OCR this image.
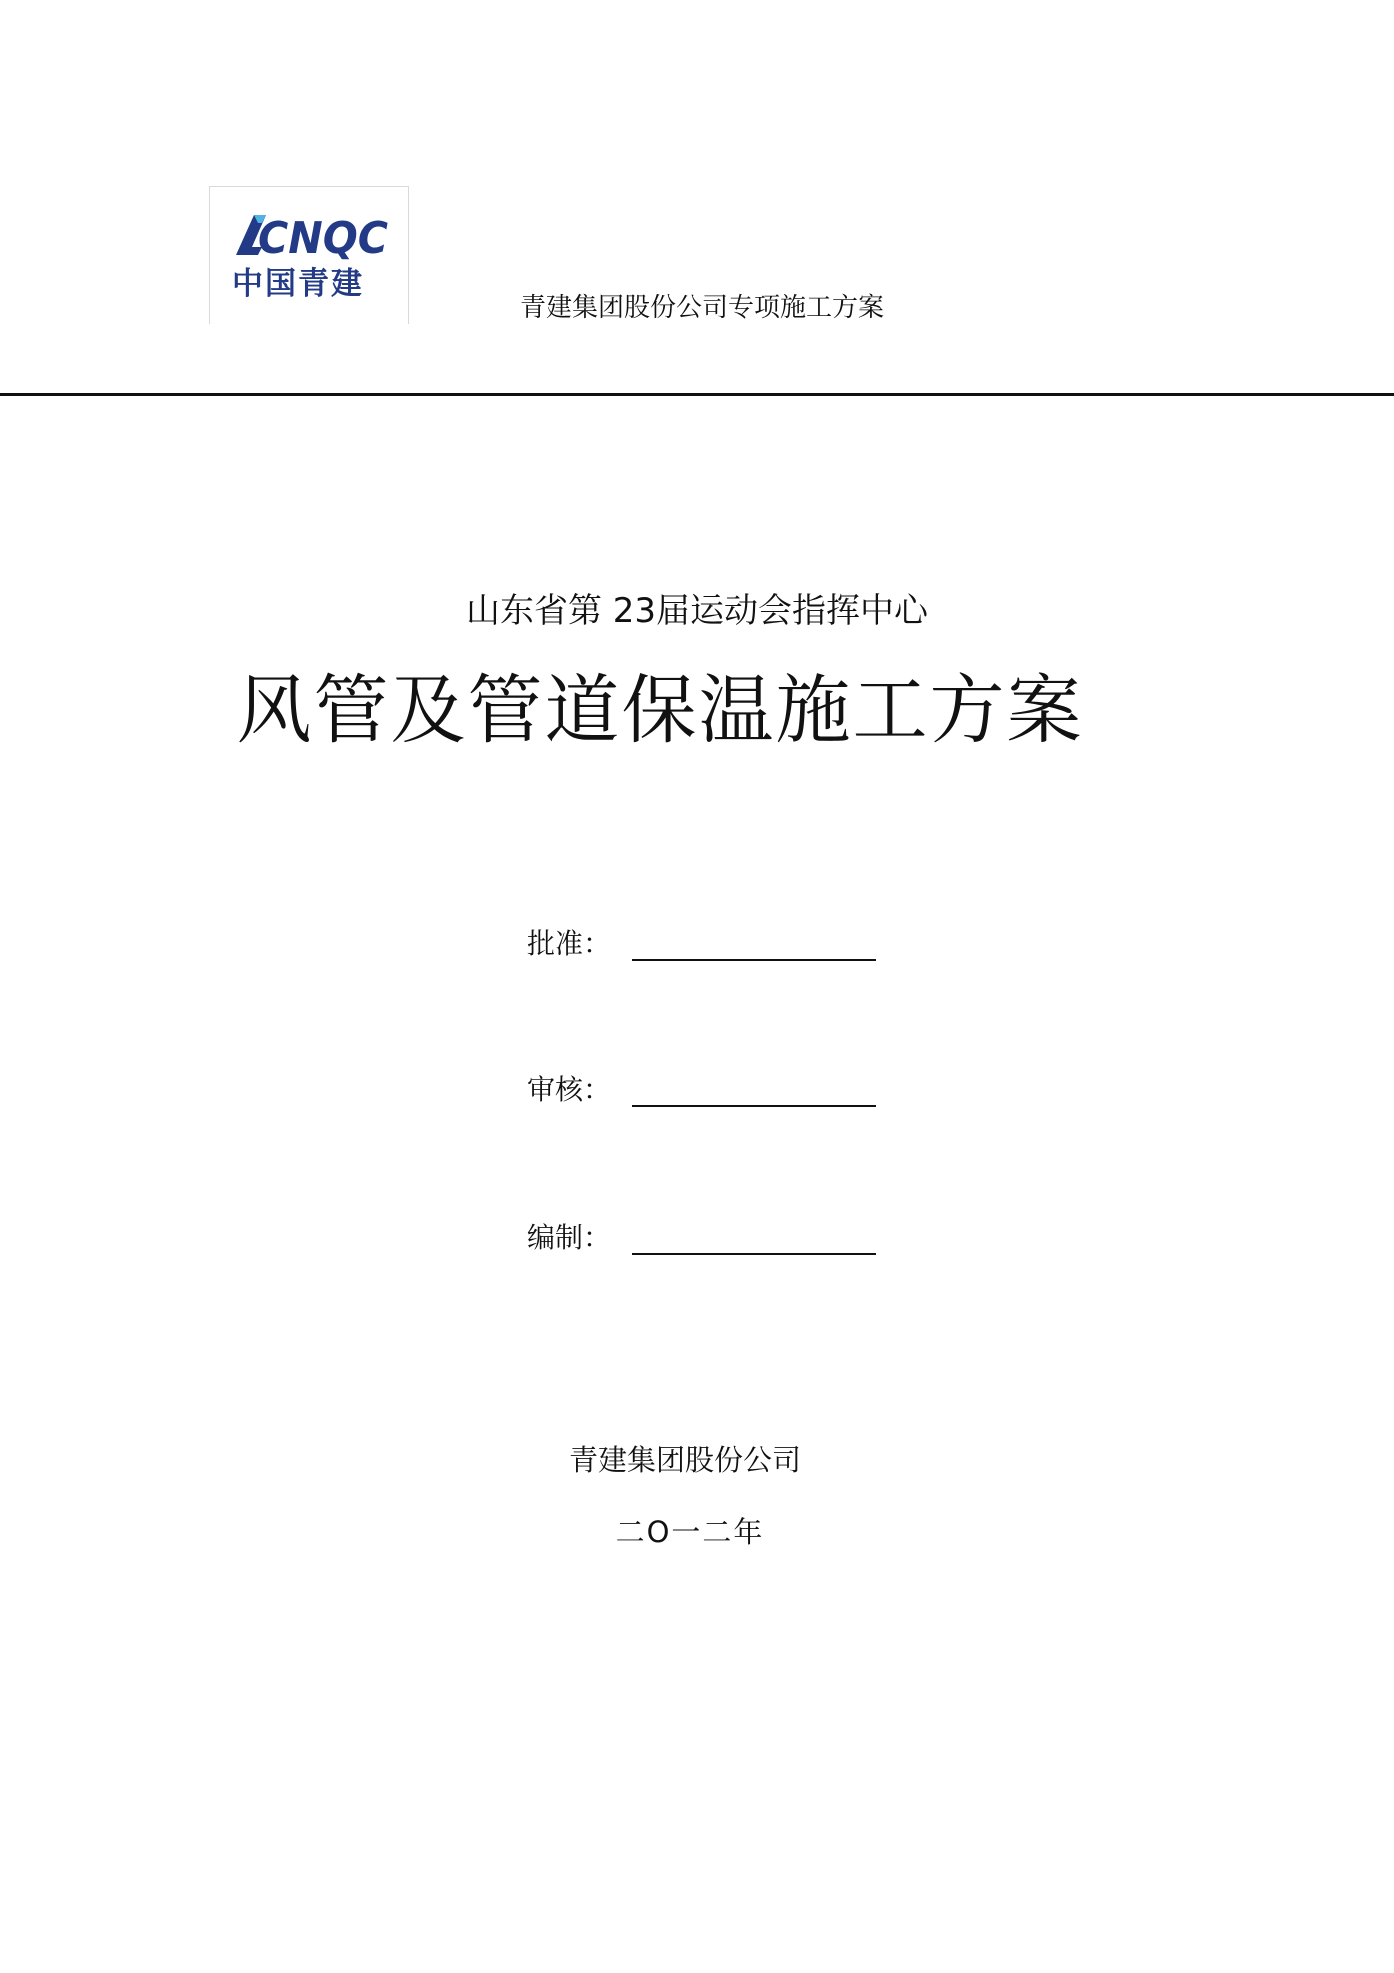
CNQC
中国青建
青建集团股份公司专项施工方案
山东省第 23届运动会指挥中心
风管及管道保温施工方案
批准：
审核：
编制：
青建集团股份公司
二O一二年
